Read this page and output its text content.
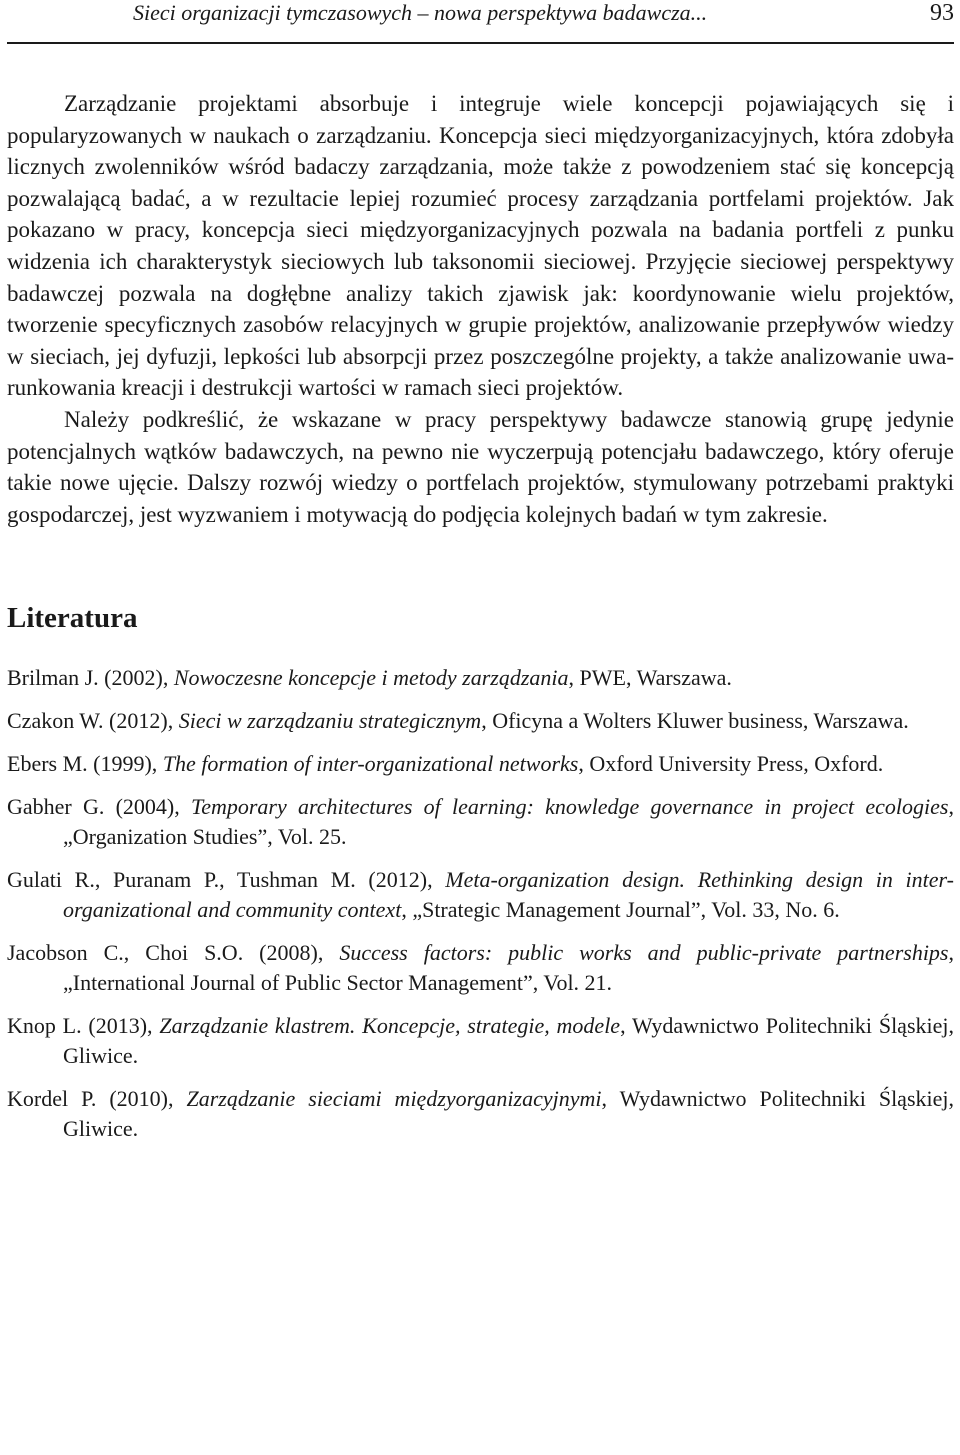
Sieci organizacji tymczasowych – nowa perspektywa badawcza...	93

Zarządzanie projektami absorbuje i integruje wiele koncepcji pojawiających się i popularyzowanych w naukach o zarządzaniu. Koncepcja sieci międzyorganizacyjnych, która zdobyła licznych zwolenników wśród badaczy zarządzania, może także z powodzeniem stać się koncepcją pozwalającą badać, a w rezultacie lepiej rozumieć procesy zarządzania portfelami projektów. Jak pokazano w pracy, koncepcja sieci międzyorganizacyjnych pozwala na badania portfeli z punku widzenia ich charakterystyk sieciowych lub taksonomii sieciowej. Przyjęcie sieciowej perspektywy badawczej pozwala na dogłębne analizy takich zjawisk jak: koordynowanie wielu projektów, tworzenie specyficznych zasobów relacyjnych w grupie projektów, analizowanie przepływów wiedzy w sieciach, jej dyfuzji, lepkości lub absorpcji przez poszczególne projekty, a także analizowanie uwarunkowania kreacji i destrukcji wartości w ramach sieci projektów.

Należy podkreślić, że wskazane w pracy perspektywy badawcze stanowią grupę jedynie potencjalnych wątków badawczych, na pewno nie wyczerpują potencjału badawczego, który oferuje takie nowe ujęcie. Dalszy rozwój wiedzy o portfelach projektów, stymulowany potrzebami praktyki gospodarczej, jest wyzwaniem i motywacją do podjęcia kolejnych badań w tym zakresie.

Literatura
Brilman J. (2002), Nowoczesne koncepcje i metody zarządzania, PWE, Warszawa.
Czakon W. (2012), Sieci w zarządzaniu strategicznym, Oficyna a Wolters Kluwer business, Warszawa.
Ebers M. (1999), The formation of inter-organizational networks, Oxford University Press, Oxford.
Gabher G. (2004), Temporary architectures of learning: knowledge governance in project ecologies, „Organization Studies”, Vol. 25.
Gulati R., Puranam P., Tushman M. (2012), Meta-organization design. Rethinking design in inter-organizational and community context, „Strategic Management Journal”, Vol. 33, No. 6.
Jacobson C., Choi S.O. (2008), Success factors: public works and public-private partnerships, „International Journal of Public Sector Management”, Vol. 21.
Knop L. (2013), Zarządzanie klastrem. Koncepcje, strategie, modele, Wydawnictwo Politechniki Śląskiej, Gliwice.
Kordel P. (2010), Zarządzanie sieciami międzyorganizacyjnymi, Wydawnictwo Politechniki Śląskiej, Gliwice.
